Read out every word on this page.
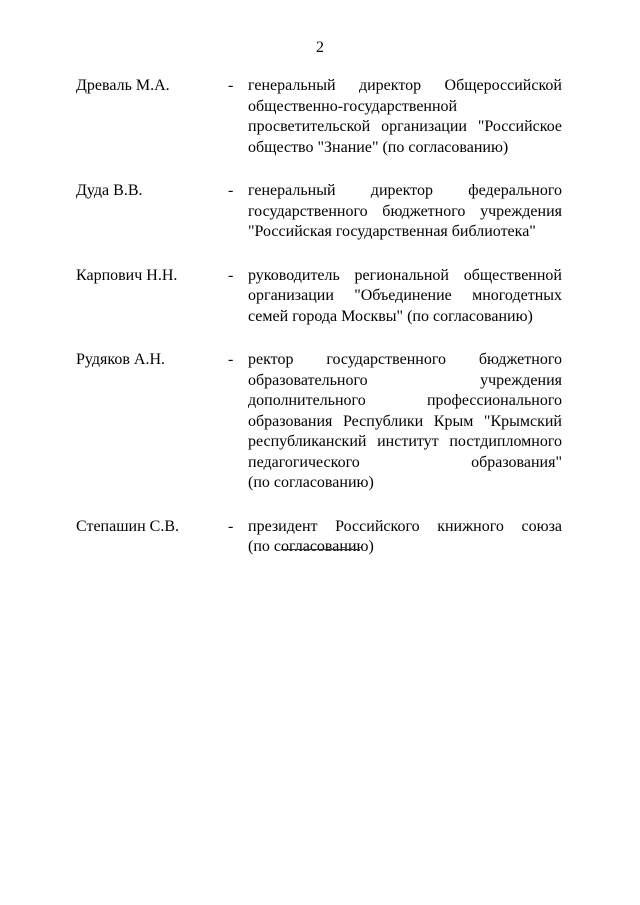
2
Древаль М.А.	- генеральный директор Общероссийской
общественно-государственной
просветительской организации "Российское
общество "Знание" (по согласованию)
Дуда В.В.	- генеральный директор федерального
государственного бюджетного учреждения
"Российская государственная библиотека"
Карпович Н.Н.	- руководитель региональной общественной
организации "Объединение многодетных
семей города Москвы" (по согласованию)
Рудяков А.Н.	- ректор государственного бюджетного
образовательного учреждения
дополнительного профессионального
образования Республики Крым "Крымский
республиканский институт постдипломного
педагогического образования"
(по согласованию)
Степашин С.В.	- президент Российского книжного союза
(по согласованию)
